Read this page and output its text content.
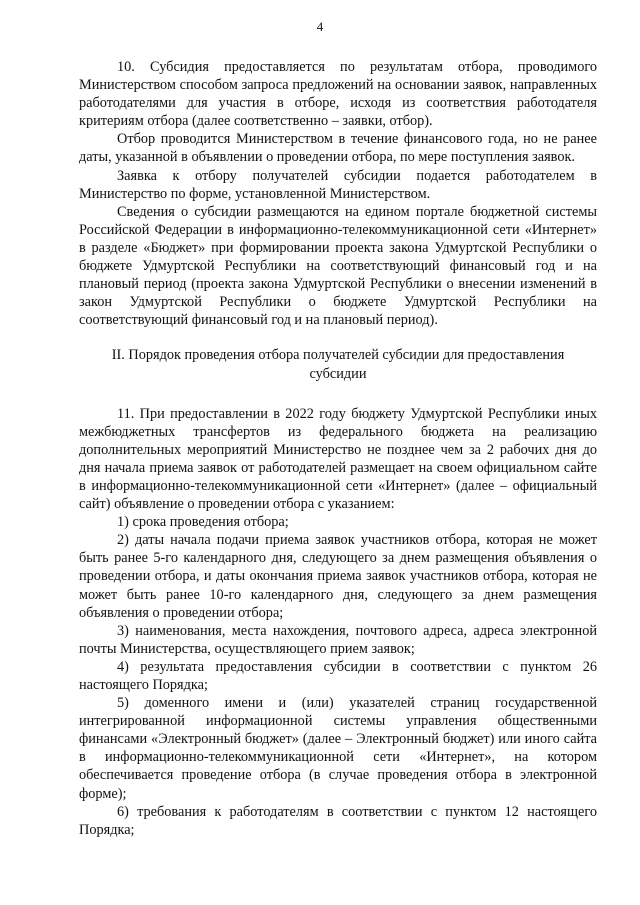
4

10. Субсидия предоставляется по результатам отбора, проводимого Министерством способом запроса предложений на основании заявок, направленных работодателями для участия в отборе, исходя из соответствия работодателя критериям отбора (далее соответственно – заявки, отбор).

Отбор проводится Министерством в течение финансового года, но не ранее даты, указанной в объявлении о проведении отбора, по мере поступления заявок.

Заявка к отбору получателей субсидии подается работодателем в Министерство по форме, установленной Министерством.

Сведения о субсидии размещаются на едином портале бюджетной системы Российской Федерации в информационно-телекоммуникационной сети «Интернет» в разделе «Бюджет» при формировании проекта закона Удмуртской Республики о бюджете Удмуртской Республики на соответствующий финансовый год и на плановый период (проекта закона Удмуртской Республики о внесении изменений в закон Удмуртской Республики о бюджете Удмуртской Республики на соответствующий финансовый год и на плановый период).

II. Порядок проведения отбора получателей субсидии для предоставления

субсидии

11. При предоставлении в 2022 году бюджету Удмуртской Республики иных межбюджетных трансфертов из федерального бюджета на реализацию дополнительных мероприятий Министерство не позднее чем за 2 рабочих дня до дня начала приема заявок от работодателей размещает на своем официальном сайте в информационно-телекоммуникационной сети «Интернет» (далее – официальный сайт) объявление о проведении отбора с указанием:

1) срока проведения отбора;

2) даты начала подачи приема заявок участников отбора, которая не может быть ранее 5-го календарного дня, следующего за днем размещения объявления о проведении отбора, и даты окончания приема заявок участников отбора, которая не может быть ранее 10-го календарного дня, следующего за днем размещения объявления о проведении отбора;

3) наименования, места нахождения, почтового адреса, адреса электронной почты Министерства, осуществляющего прием заявок;

4) результата предоставления субсидии в соответствии с пунктом 26 настоящего Порядка;

5) доменного имени и (или) указателей страниц государственной интегрированной информационной системы управления общественными финансами «Электронный бюджет» (далее – Электронный бюджет) или иного сайта в информационно-телекоммуникационной сети «Интернет», на котором обеспечивается проведение отбора (в случае проведения отбора в электронной форме);

6) требования к работодателям в соответствии с пунктом 12 настоящего Порядка;
